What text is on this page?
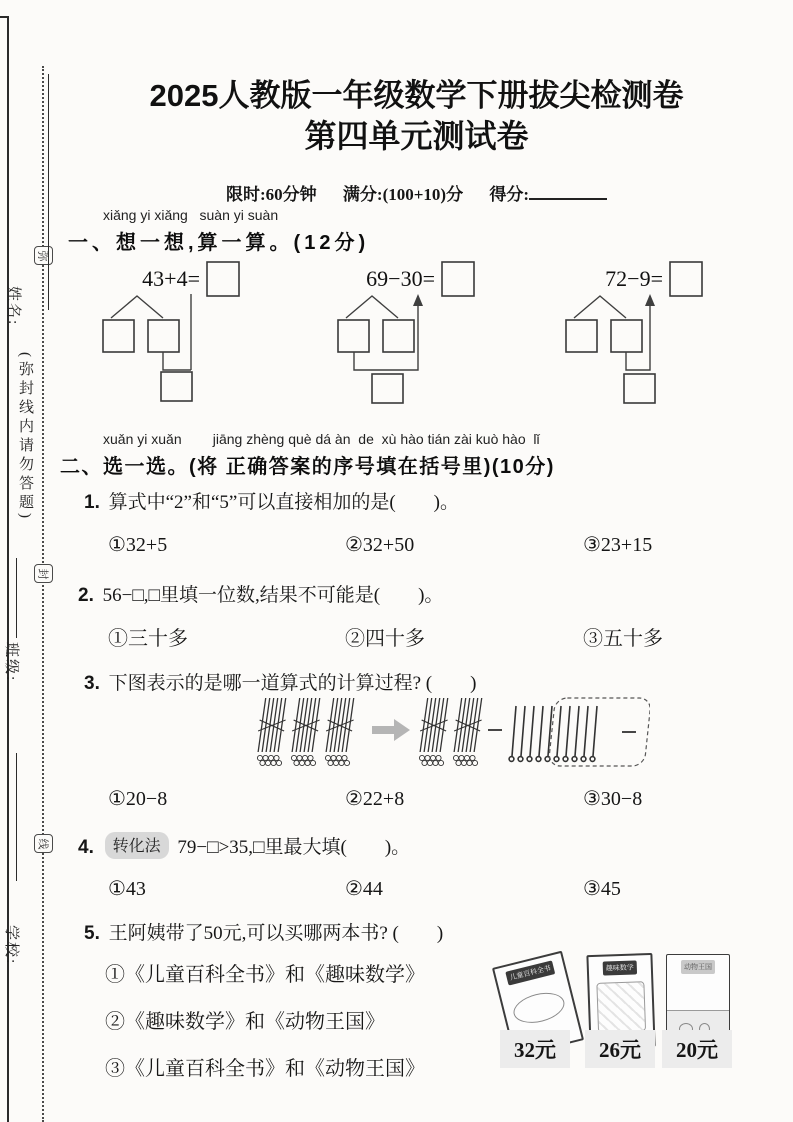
弥
封
线
姓名:
(弥封线内请勿答题)
班级:
学校:
2025人教版一年级数学下册拔尖检测卷
第四单元测试卷
限时:60分钟 满分:(100+10)分 得分:
xiǎng yi xiǎng   suàn yi suàn
一、想一想,算一算。(12分)
43+4=	69−30=	72−9=
xuǎn yi xuǎn        jiāng zhèng què dá àn  de  xù hào tián zài kuò hào  lǐ
二、选一选。(将 正确答案的序号填在括号里)(10分)
1. 算式中“2”和“5”可以直接相加的是(　　)。
①32+5	②32+50	③23+15
2. 56−□,□里填一位数,结果不可能是(　　)。
①三十多	②四十多	③五十多
3. 下图表示的是哪一道算式的计算过程? (　　)
①20−8	②22+8	③30−8
4. 转化法 79−□>35,□里最大填(　　)。
①43	②44	③45
5. 王阿姨带了50元,可以买哪两本书? (　　)
①《儿童百科全书》和《趣味数学》
②《趣味数学》和《动物王国》
③《儿童百科全书》和《动物王国》
儿童百科全书	趣味数学	动物王国
32元	26元	20元
